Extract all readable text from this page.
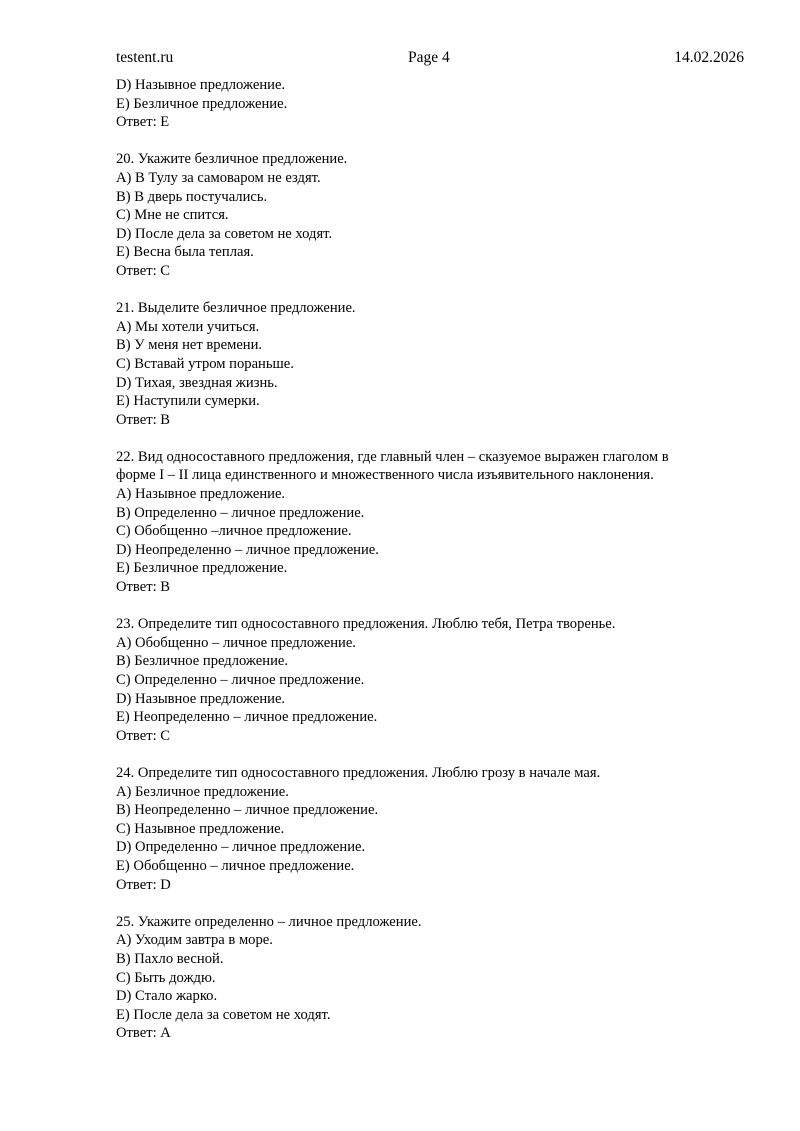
testent.ru	Page 4	14.02.2026
D) Назывное предложение.
E) Безличное предложение.
Ответ: E
20. Укажите безличное предложение.
A) В Тулу за самоваром не ездят.
B) В дверь постучались.
C) Мне не спится.
D) После дела за советом не ходят.
E) Весна была теплая.
Ответ: C
21. Выделите безличное предложение.
A) Мы хотели учиться.
B) У меня нет времени.
C) Вставай утром пораньше.
D) Тихая, звездная жизнь.
E) Наступили сумерки.
Ответ: B
22. Вид односоставного предложения, где главный член – сказуемое выражен глаголом в
форме I – II лица единственного и множественного числа изъявительного наклонения.
A) Назывное предложение.
B) Определенно – личное предложение.
C) Обобщенно –личное предложение.
D) Неопределенно – личное предложение.
E) Безличное предложение.
Ответ: B
23. Определите тип односоставного предложения. Люблю тебя, Петра творенье.
A) Обобщенно – личное предложение.
B) Безличное предложение.
C) Определенно – личное предложение.
D) Назывное предложение.
E) Неопределенно – личное предложение.
Ответ: C
24. Определите тип односоставного предложения. Люблю грозу в начале мая.
A) Безличное предложение.
B) Неопределенно – личное предложение.
C) Назывное предложение.
D) Определенно – личное предложение.
E) Обобщенно – личное предложение.
Ответ: D
25. Укажите определенно – личное предложение.
A) Уходим завтра в море.
B) Пахло весной.
C) Быть дождю.
D) Стало жарко.
E) После дела за советом не ходят.
Ответ: A
